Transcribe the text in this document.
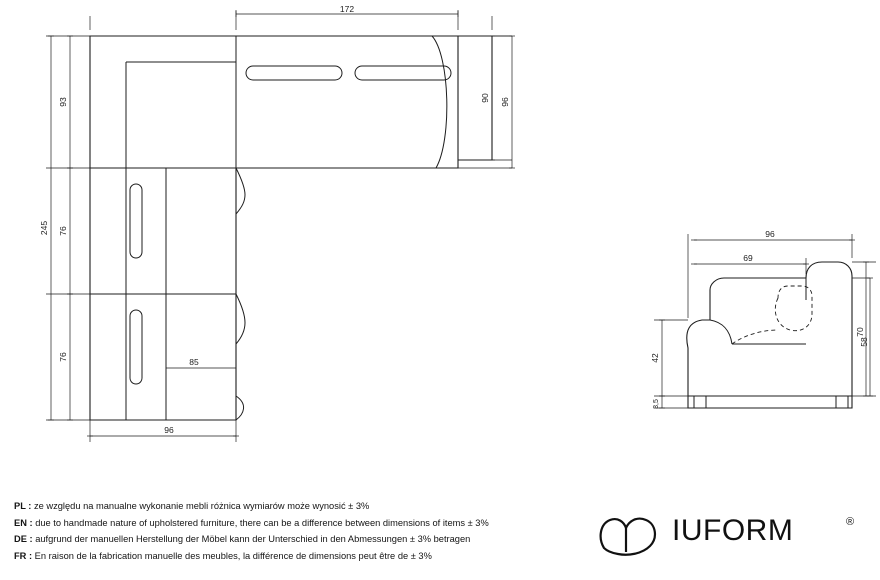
172
93	90 96
245 76
76	85
96
96
69
70
58
42
3,5
PL : ze względu na manualne wykonanie mebli różnica wymiarów może wynosić ± 3%
EN : due to handmade nature of upholstered furniture, there can be a difference between dimensions of items ± 3%
DE : aufgrund der manuellen Herstellung der Möbel kann der Unterschied in den Abmessungen ± 3% betragen
FR : En raison de la fabrication manuelle des meubles, la différence de dimensions peut être de ± 3%
IUFORM	®
